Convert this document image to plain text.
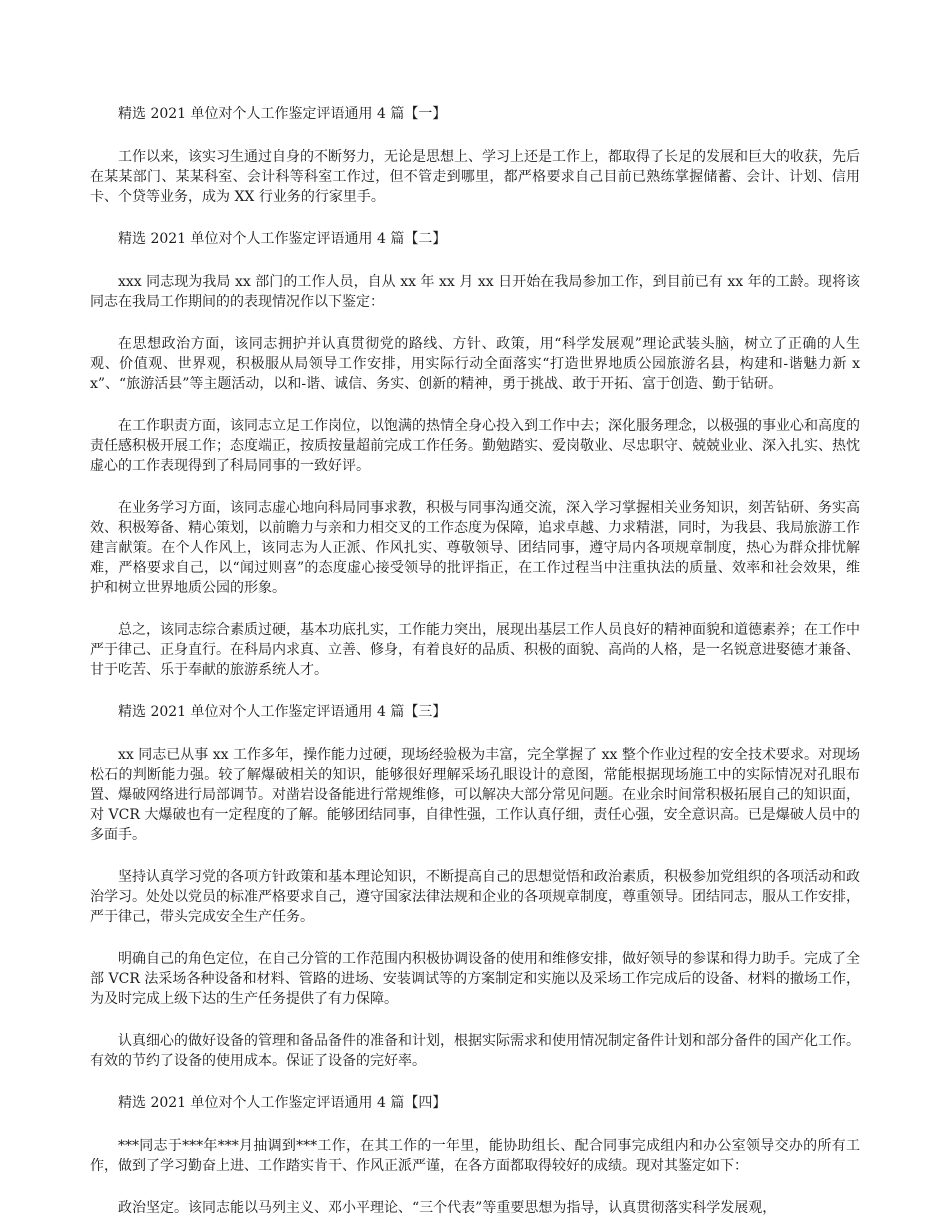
精选 2021 单位对个人工作鉴定评语通用 4 篇【一】

工作以来，该实习生通过自身的不断努力，无论是思想上、学习上还是工作上，都取得了长足的发展和巨大的收获，先后在某某部门、某某科室、会计科等科室工作过，但不管走到哪里，都严格要求自己目前已熟练掌握储蓄、会计、计划、信用卡、个贷等业务，成为 XX 行业务的行家里手。

精选 2021 单位对个人工作鉴定评语通用 4 篇【二】

xxx 同志现为我局 xx 部门的工作人员，自从 xx 年 xx 月 xx 日开始在我局参加工作，到目前已有 xx 年的工龄。现将该同志在我局工作期间的的表现情况作以下鉴定：

在思想政治方面，该同志拥护并认真贯彻党的路线、方针、政策，用“科学发展观”理论武装头脑，树立了正确的人生观、价值观、世界观，积极服从局领导工作安排，用实际行动全面落实“打造世界地质公园旅游名县，构建和-谐魅力新 xx”、“旅游活县”等主题活动，以和-谐、诚信、务实、创新的精神，勇于挑战、敢于开拓、富于创造、勤于钻研。

在工作职责方面，该同志立足工作岗位，以饱满的热情全身心投入到工作中去；深化服务理念，以极强的事业心和高度的责任感积极开展工作；态度端正，按质按量超前完成工作任务。勤勉踏实、爱岗敬业、尽忠职守、兢兢业业、深入扎实、热忱虚心的工作表现得到了科局同事的一致好评。

在业务学习方面，该同志虚心地向科局同事求教，积极与同事沟通交流，深入学习掌握相关业务知识，刻苦钻研、务实高效、积极筹备、精心策划，以前瞻力与亲和力相交叉的工作态度为保障，追求卓越、力求精湛，同时，为我县、我局旅游工作建言献策。在个人作风上，该同志为人正派、作风扎实、尊敬领导、团结同事，遵守局内各项规章制度，热心为群众排忧解难，严格要求自己，以“闻过则喜”的态度虚心接受领导的批评指正，在工作过程当中注重执法的质量、效率和社会效果，维护和树立世界地质公园的形象。

总之，该同志综合素质过硬，基本功底扎实，工作能力突出，展现出基层工作人员良好的精神面貌和道德素养；在工作中严于律己、正身直行。在科局内求真、立善、修身，有着良好的品质、积极的面貌、高尚的人格，是一名锐意进娶德才兼备、甘于吃苦、乐于奉献的旅游系统人才。

精选 2021 单位对个人工作鉴定评语通用 4 篇【三】

xx 同志已从事 xx 工作多年，操作能力过硬，现场经验极为丰富，完全掌握了 xx 整个作业过程的安全技术要求。对现场松石的判断能力强。较了解爆破相关的知识，能够很好理解采场孔眼设计的意图，常能根据现场施工中的实际情况对孔眼布置、爆破网络进行局部调节。对凿岩设备能进行常规维修，可以解决大部分常见问题。在业余时间常积极拓展自己的知识面，对 VCR 大爆破也有一定程度的了解。能够团结同事，自律性强，工作认真仔细，责任心强，安全意识高。已是爆破人员中的多面手。

坚持认真学习党的各项方针政策和基本理论知识，不断提高自己的思想觉悟和政治素质，积极参加党组织的各项活动和政治学习。处处以党员的标准严格要求自己，遵守国家法律法规和企业的各项规章制度，尊重领导。团结同志，服从工作安排，严于律己，带头完成安全生产任务。

明确自己的角色定位，在自己分管的工作范围内积极协调设备的使用和维修安排，做好领导的参谋和得力助手。完成了全部 VCR 法采场各种设备和材料、管路的进场、安装调试等的方案制定和实施以及采场工作完成后的设备、材料的撤场工作，为及时完成上级下达的生产任务提供了有力保障。

认真细心的做好设备的管理和备品备件的准备和计划，根据实际需求和使用情况制定备件计划和部分备件的国产化工作。有效的节约了设备的使用成本。保证了设备的完好率。

精选 2021 单位对个人工作鉴定评语通用 4 篇【四】

***同志于***年***月抽调到***工作，在其工作的一年里，能协助组长、配合同事完成组内和办公室领导交办的所有工作，做到了学习勤奋上进、工作踏实肯干、作风正派严谨，在各方面都取得较好的成绩。现对其鉴定如下：

政治坚定。该同志能以马列主义、邓小平理论、“三个代表”等重要思想为指导，认真贯彻落实科学发展观，
